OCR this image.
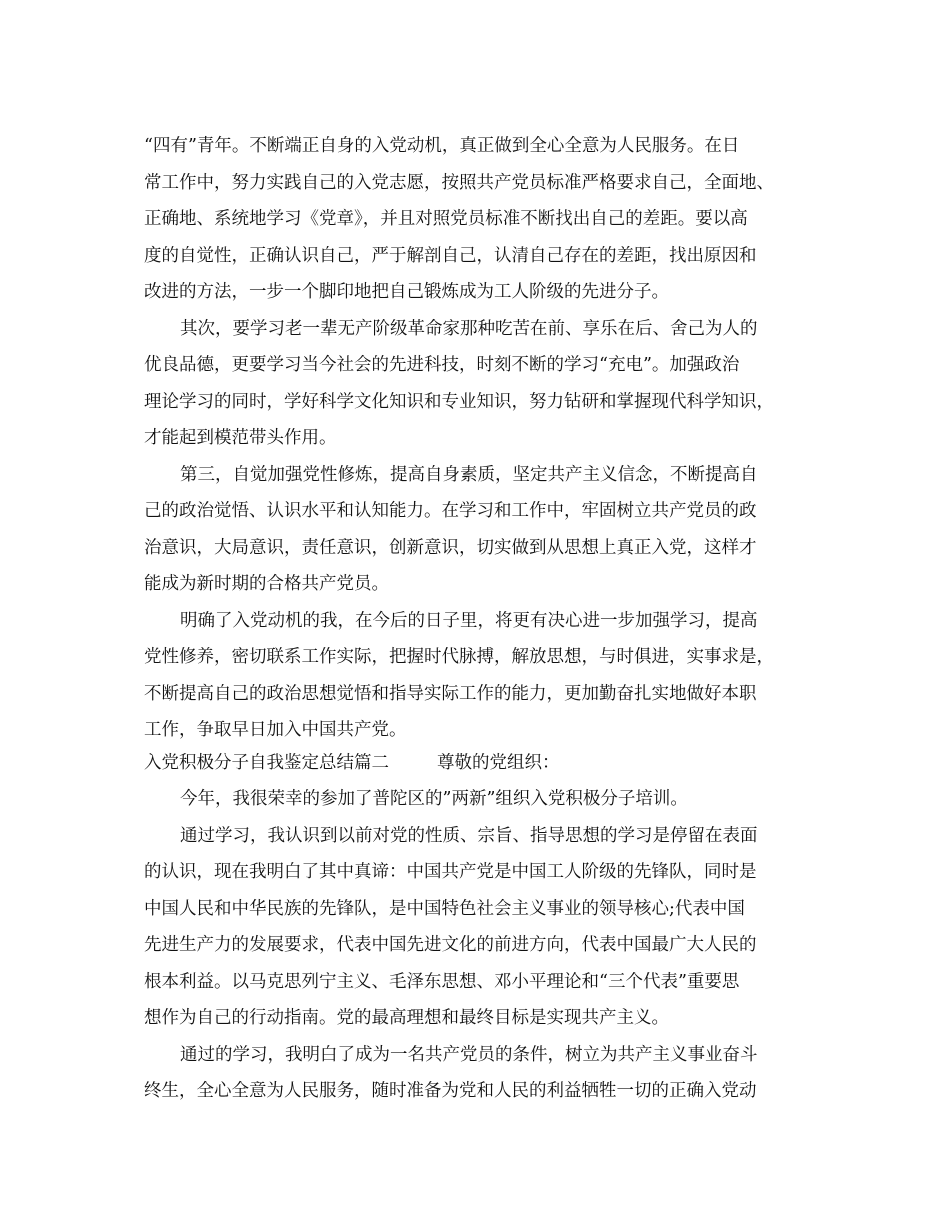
“四有”青年。不断端正自身的入党动机，真正做到全心全意为人民服务。在日
常工作中，努力实践自己的入党志愿，按照共产党员标准严格要求自己，全面地、
正确地、系统地学习《党章》，并且对照党员标准不断找出自己的差距。要以高
度的自觉性，正确认识自己，严于解剖自己，认清自己存在的差距，找出原因和
改进的方法，一步一个脚印地把自己锻炼成为工人阶级的先进分子。
其次，要学习老一辈无产阶级革命家那种吃苦在前、享乐在后、舍己为人的
优良品德，更要学习当今社会的先进科技，时刻不断的学习“充电”。加强政治
理论学习的同时，学好科学文化知识和专业知识，努力钻研和掌握现代科学知识，
才能起到模范带头作用。
第三，自觉加强党性修炼，提高自身素质，坚定共产主义信念，不断提高自
己的政治觉悟、认识水平和认知能力。在学习和工作中，牢固树立共产党员的政
治意识，大局意识，责任意识，创新意识，切实做到从思想上真正入党，这样才
能成为新时期的合格共产党员。
明确了入党动机的我，在今后的日子里，将更有决心进一步加强学习，提高
党性修养，密切联系工作实际，把握时代脉搏，解放思想，与时俱进，实事求是，
不断提高自己的政治思想觉悟和指导实际工作的能力，更加勤奋扎实地做好本职
工作，争取早日加入中国共产党。
入党积极分子自我鉴定总结篇二	尊敬的党组织：
今年，我很荣幸的参加了普陀区的”两新”组织入党积极分子培训。
通过学习，我认识到以前对党的性质、宗旨、指导思想的学习是停留在表面
的认识，现在我明白了其中真谛：中国共产党是中国工人阶级的先锋队，同时是
中国人民和中华民族的先锋队，是中国特色社会主义事业的领导核心;代表中国
先进生产力的发展要求，代表中国先进文化的前进方向，代表中国最广大人民的
根本利益。以马克思列宁主义、毛泽东思想、邓小平理论和“三个代表”重要思
想作为自己的行动指南。党的最高理想和最终目标是实现共产主义。
通过的学习，我明白了成为一名共产党员的条件，树立为共产主义事业奋斗
终生，全心全意为人民服务，随时准备为党和人民的利益牺牲一切的正确入党动
